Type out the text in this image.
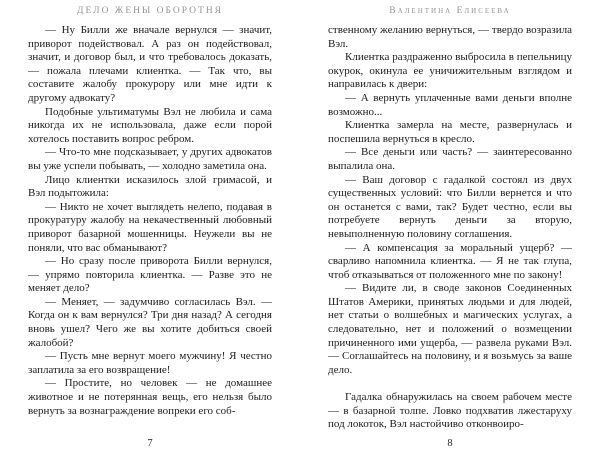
ДЕЛО ЖЕНЫ ОБОРОТНЯ

— Ну Билли же вначале вернулся — значит, приворот подействовал. А раз он подействовал, значит, и договор был, и что требовалось доказать, — пожала плечами клиентка. — Так что, вы составите жалобу прокурору или мне идти к другому адвокату?

Подобные ультиматумы Вэл не любила и сама никогда их не использовала, даже если порой хотелось поставить вопрос ребром.

— Что-то мне подсказывает, у других адвокатов вы уже успели побывать, — холодно заметила она.

Лицо клиентки исказилось злой гримасой, и Вэл подытожила:

— Никто не хочет выглядеть нелепо, подавая в прокуратуру жалобу на некачественный любовный приворот базарной мошенницы. Неужели вы не поняли, что вас обманывают?

— Но сразу после приворота Билли вернулся, — упрямо повторила клиентка. — Разве это не меняет дело?

— Меняет, — задумчиво согласилась Вэл. — Когда он к вам вернулся? Три дня назад? А сегодня вновь ушел? Чего же вы хотите добиться своей жалобой?

— Пусть мне вернут моего мужчину! Я честно заплатила за его возвращение!

— Простите, но человек — не домашнее животное и не потерянная вещь, его нельзя было вернуть за вознаграждение вопреки его соб-

7
Валентина Елисеева

ственному желанию вернуться, — твердо возразила Вэл.

Клиентка раздраженно выбросила в пепельницу окурок, окинула ее уничижительным взглядом и направилась к двери:

— А вернуть уплаченные вами деньги вполне возможно...

Клиентка замерла на месте, развернулась и поспешила вернуться в кресло.

— Все деньги или часть? — заинтересованно выпалила она.

— Ваш договор с гадалкой состоял из двух существенных условий: что Билли вернется и что он останется с вами, так? Будет честно, если вы потребуете вернуть деньги за вторую, невыполненную половину соглашения.

— А компенсация за моральный ущерб? — сварливо напомнила клиентка. — Я не так глупа, чтоб отказываться от положенного мне по закону!

— Видите ли, в своде законов Соединенных Штатов Америки, принятых людьми и для людей, нет статьи о волшебных и магических услугах, а следовательно, нет и положений о возмещении причиненного ими ущерба, — развела руками Вэл. — Соглашайтесь на половину, и я возьмусь за ваше дело.

Гадалка обнаружилась на своем рабочем месте — в базарной толпе. Ловко подхватив лжестаруху под локоток, Вэл настойчиво отконвоиро-

8
